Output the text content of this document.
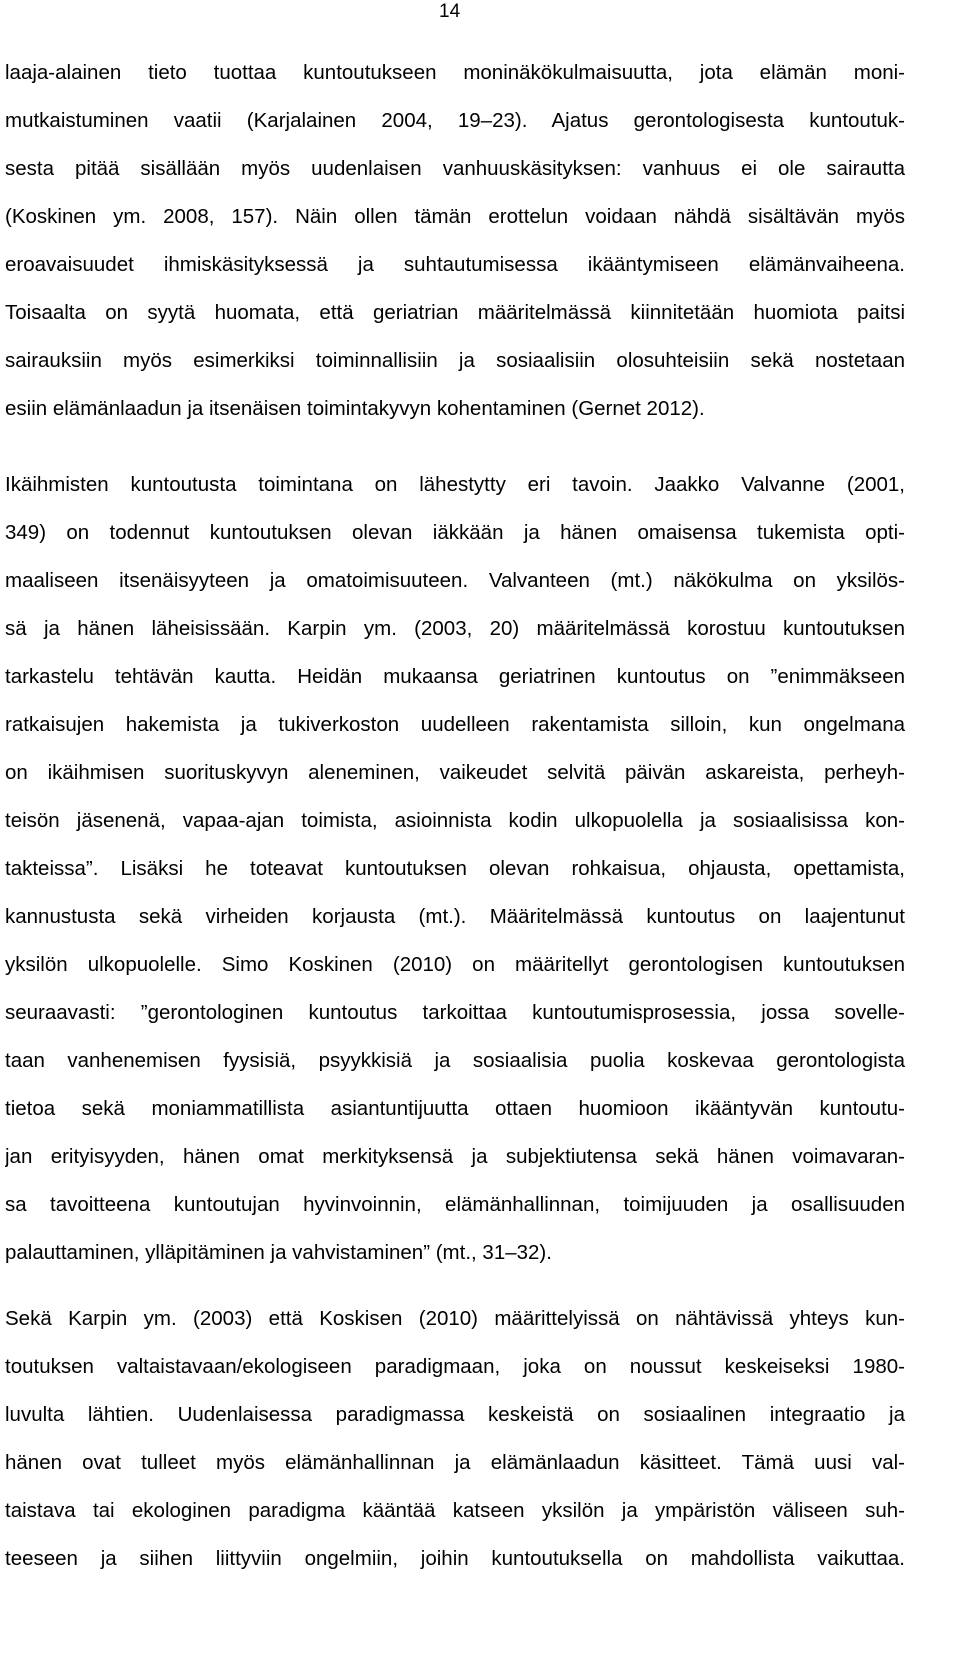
14
laaja-alainen tieto tuottaa kuntoutukseen moninäkökulmaisuutta, jota elämän moni-
mutkaistuminen vaatii (Karjalainen 2004, 19–23). Ajatus gerontologisesta kuntoutuk-
sesta pitää sisällään myös uudenlaisen vanhuuskäsityksen: vanhuus ei ole sairautta
(Koskinen ym. 2008, 157). Näin ollen tämän erottelun voidaan nähdä sisältävän myös
eroavaisuudet ihmiskäsityksessä ja suhtautumisessa ikääntymiseen elämänvaiheena.
Toisaalta on syytä huomata, että geriatrian määritelmässä kiinnitetään huomiota paitsi
sairauksiin myös esimerkiksi toiminnallisiin ja sosiaalisiin olosuhteisiin sekä nostetaan
esiin elämänlaadun ja itsenäisen toimintakyvyn kohentaminen (Gernet 2012).
Ikäihmisten kuntoutusta toimintana on lähestytty eri tavoin. Jaakko Valvanne (2001,
349) on todennut kuntoutuksen olevan iäkkään ja hänen omaisensa tukemista opti-
maaliseen itsenäisyyteen ja omatoimisuuteen. Valvanteen (mt.) näkökulma on yksilös-
sä ja hänen läheisissään. Karpin ym. (2003, 20) määritelmässä korostuu kuntoutuksen
tarkastelu tehtävän kautta. Heidän mukaansa geriatrinen kuntoutus on ”enimmäkseen
ratkaisujen hakemista ja tukiverkoston uudelleen rakentamista silloin, kun ongelmana
on ikäihmisen suorituskyvyn aleneminen, vaikeudet selvitä päivän askareista, perheyh-
teisön jäsenenä, vapaa-ajan toimista, asioinnista kodin ulkopuolella ja sosiaalisissa kon-
takteissa”. Lisäksi he toteavat kuntoutuksen olevan rohkaisua, ohjausta, opettamista,
kannustusta sekä virheiden korjausta (mt.). Määritelmässä kuntoutus on laajentunut
yksilön ulkopuolelle. Simo Koskinen (2010) on määritellyt gerontologisen kuntoutuksen
seuraavasti: ”gerontologinen kuntoutus tarkoittaa kuntoutumisprosessia, jossa sovelle-
taan vanhenemisen fyysisiä, psyykkisiä ja sosiaalisia puolia koskevaa gerontologista
tietoa sekä moniammatillista asiantuntijuutta ottaen huomioon ikääntyvän kuntoutu-
jan erityisyyden, hänen omat merkityksensä ja subjektiutensa sekä hänen voimavaran-
sa tavoitteena kuntoutujan hyvinvoinnin, elämänhallinnan, toimijuuden ja osallisuuden
palauttaminen, ylläpitäminen ja vahvistaminen” (mt., 31–32).
Sekä Karpin ym. (2003) että Koskisen (2010) määrittelyissä on nähtävissä yhteys kun-
toutuksen valtaistavaan/ekologiseen paradigmaan, joka on noussut keskeiseksi 1980-
luvulta lähtien. Uudenlaisessa paradigmassa keskeistä on sosiaalinen integraatio ja
hänen ovat tulleet myös elämänhallinnan ja elämänlaadun käsitteet. Tämä uusi val-
taistava tai ekologinen paradigma kääntää katseen yksilön ja ympäristön väliseen suh-
teeseen ja siihen liittyviin ongelmiin, joihin kuntoutuksella on mahdollista vaikuttaa.
